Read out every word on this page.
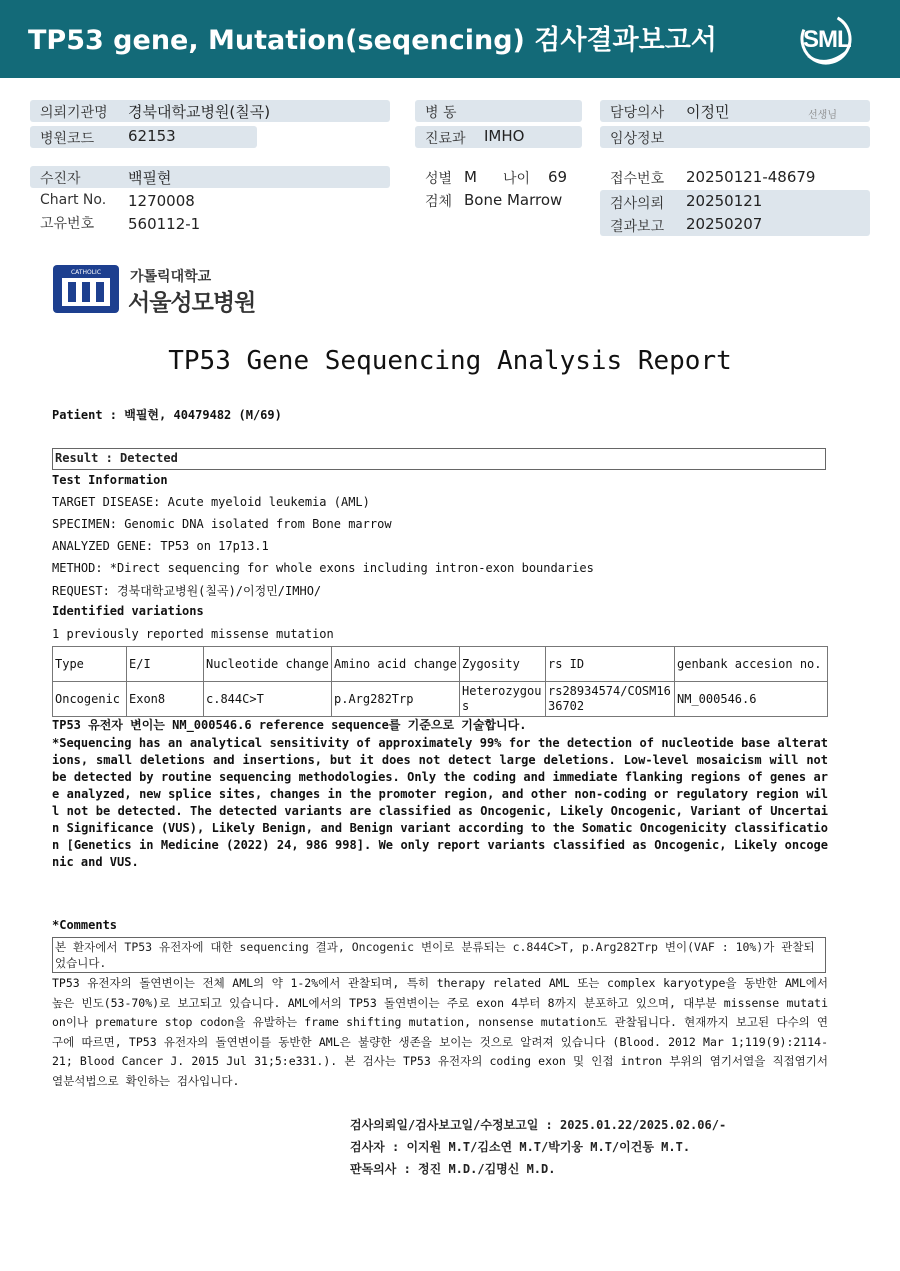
TP53 gene, Mutation(seqencing) 검사결과보고서	SML
의뢰기관명 경북대학교병원(칠곡)
병원코드 62153
병 동
진료과 IMHO
담당의사 이정민	선생님
임상정보
수진자	백필현
Chart No. 1270008
고유번호 560112-1
성별 M 나이 69
검체 Bone Marrow
접수번호 20250121-48679
검사의뢰 20250121
결과보고 20250207
CATHOLIC 가톨릭대학교
서울성모병원
TP53 Gene Sequencing Analysis Report
Patient : 백필현, 40479482 (M/69)
Result : Detected
Test Information
TARGET DISEASE: Acute myeloid leukemia (AML)
SPECIMEN: Genomic DNA isolated from Bone marrow
ANALYZED GENE: TP53 on 17p13.1
METHOD: *Direct sequencing for whole exons including intron-exon boundaries
REQUEST: 경북대학교병원(칠곡)/이정민/IMHO/
Identified variations
1 previously reported missense mutation
Type	E/I	Nucleotide change	Amino acid change	Zygosity	rs ID	genbank accesion no.
Oncogenic	Exon8	c.844C>T	p.Arg282Trp	Heterozygous	rs28934574/COSM1636702	NM_000546.6
TP53 유전자 변이는 NM_000546.6 reference sequence를 기준으로 기술합니다.
*Sequencing has an analytical sensitivity of approximately 99% for the detection of nucleotide base alterations, small deletions and insertions, but it does not detect large deletions. Low-level mosaicism will not be detected by routine sequencing methodologies. Only the coding and immediate flanking regions of genes are analyzed, new splice sites, changes in the promoter region, and other non-coding or regulatory region will not be detected. The detected variants are classified as Oncogenic, Likely Oncogenic, Variant of Uncertain Significance (VUS), Likely Benign, and Benign variant according to the Somatic Oncogenicity classification [Genetics in Medicine (2022) 24, 986 998]. We only report variants classified as Oncogenic, Likely oncogenic and VUS.
*Comments
본 환자에서 TP53 유전자에 대한 sequencing 결과, Oncogenic 변이로 분류되는 c.844C>T, p.Arg282Trp 변이(VAF : 10%)가 관찰되었습니다.
TP53 유전자의 돌연변이는 전체 AML의 약 1-2%에서 관찰되며, 특히 therapy related AML 또는 complex karyotype을 동반한 AML에서 높은 빈도(53-70%)로 보고되고 있습니다. AML에서의 TP53 돌연변이는 주로 exon 4부터 8까지 분포하고 있으며, 대부분 missense mutation이나 premature stop codon을 유발하는 frame shifting mutation, nonsense mutation도 관찰됩니다. 현재까지 보고된 다수의 연구에 따르면, TP53 유전자의 돌연변이를 동반한 AML은 불량한 생존을 보이는 것으로 알려져 있습니다 (Blood. 2012 Mar 1;119(9):2114-21; Blood Cancer J. 2015 Jul 31;5:e331.). 본 검사는 TP53 유전자의 coding exon 및 인접 intron 부위의 염기서열을 직접염기서열분석법으로 확인하는 검사입니다.
검사의뢰일/검사보고일/수정보고일 : 2025.01.22/2025.02.06/-
검사자 : 이지원 M.T/김소연 M.T/박기웅 M.T/이건동 M.T.
판독의사 : 정진 M.D./김명신 M.D.
